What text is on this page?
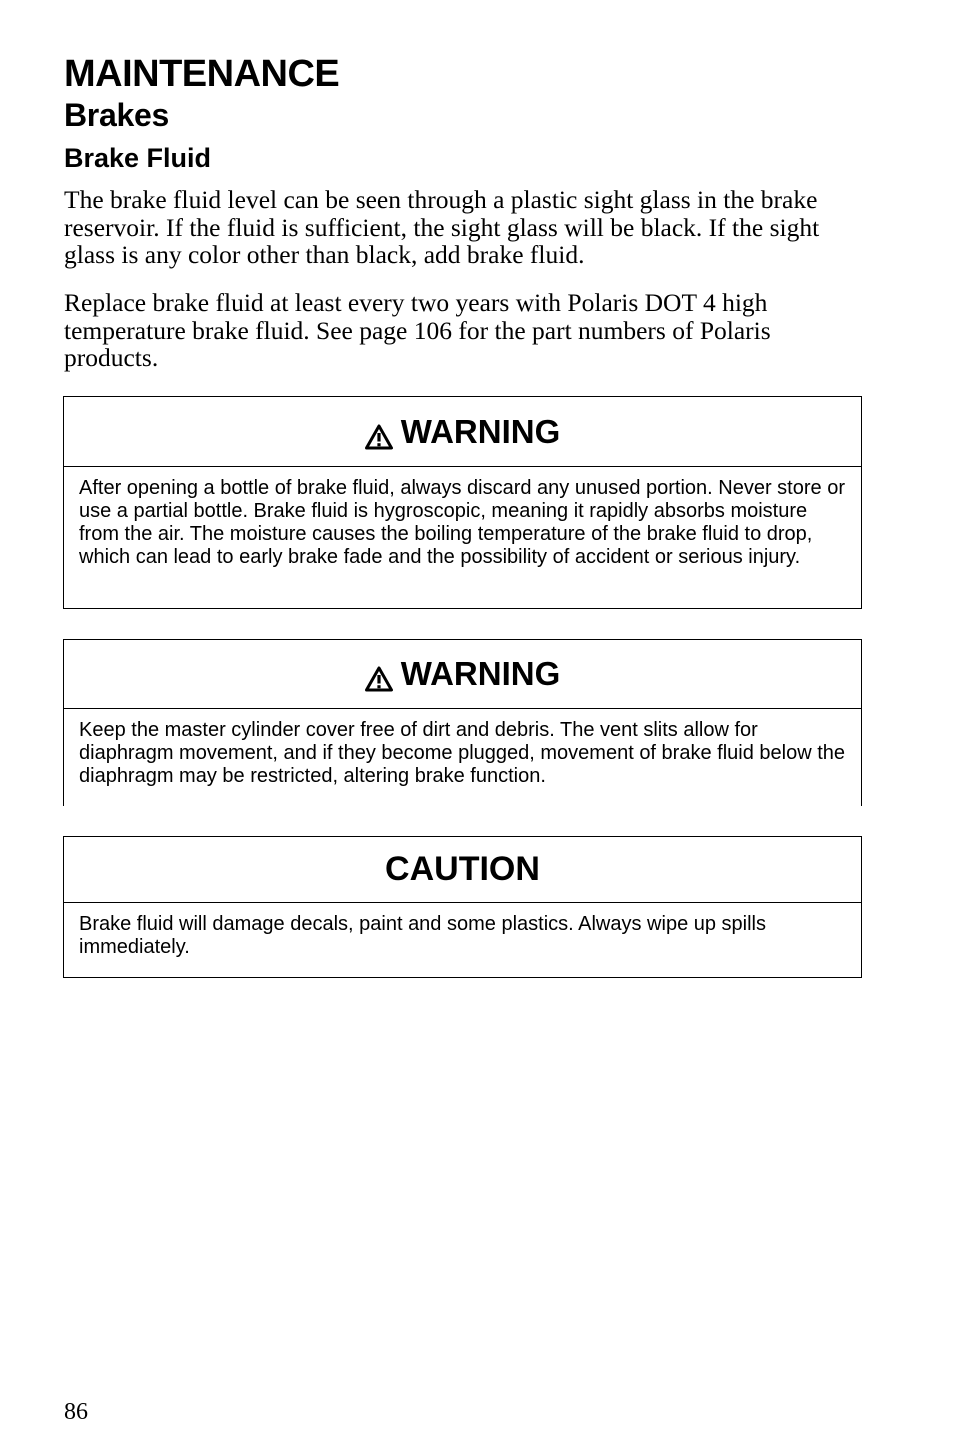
MAINTENANCE
Brakes
Brake Fluid

The brake fluid level can be seen through a plastic sight glass in the brake reservoir. If the fluid is sufficient, the sight glass will be black. If the sight glass is any color other than black, add brake fluid.

Replace brake fluid at least every two years with Polaris DOT 4 high temperature brake fluid. See page 106 for the part numbers of Polaris products.

WARNING
After opening a bottle of brake fluid, always discard any unused portion. Never store or use a partial bottle. Brake fluid is hygroscopic, meaning it rapidly absorbs moisture from the air. The moisture causes the boiling temperature of the brake fluid to drop, which can lead to early brake fade and the possibility of accident or serious injury.
WARNING
Keep the master cylinder cover free of dirt and debris. The vent slits allow for diaphragm movement, and if they become plugged, movement of brake fluid below the diaphragm may be restricted, altering brake function.
CAUTION
Brake fluid will damage decals, paint and some plastics. Always wipe up spills immediately.

86
